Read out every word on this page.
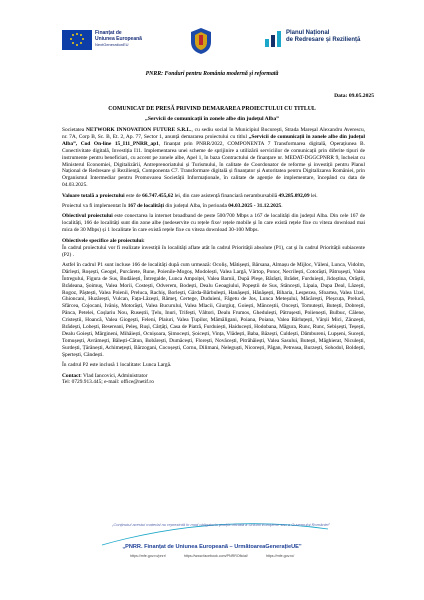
Finanțat de
Uniunea Europeană
NextGenerationEU
Planul Național
de Redresare și Reziliență
PNRR: Fonduri pentru România modernă și reformată
Data: 09.05.2025
COMUNICAT DE PRESĂ PRIVIND DEMARAREA PROIECTULUI CU TITLUL
„Servicii de comunicații în zonele albe din județul Alba”

Societatea NETWORK INNOVATION FUTURE S.R.L., cu sediu social în Municipiul București, Strada Mareșal Alexandru Averescu, nr. 7A, Corp B, Sc. B, Et. 2, Ap. 77, Sector 1, anunță demararea proiectului cu titlul „Servicii de comunicații în zonele albe din județul Alba”, Cod On-line 15_I11_PNRR_ap1, finanțat prin PNRR/2022, COMPONENTA 7 Transformarea digitală, Operațiunea B. Conectivitate digitală, Investiția I11. Implementarea unei scheme de sprijinire a utilizării serviciilor de comunicații prin diferite tipuri de instrumente pentru beneficiari, cu accent pe zonele albe, Apel 1, în baza Contractului de finanțare nr. MEDAT-DGGCPNRR 9, încheiat cu Ministerul Economiei, Digitalizării, Antreprenoriatului și Turismului, în calitate de Coordonator de reforme și investiții pentru Planul Național de Redresare și Reziliență, Componenta C7. Transformare digitală și finanțator și Autoritatea pentru Digitalizarea României, prin Organismul Intermediar pentru Promovarea Societății Informaționale, în calitate de agenție de implementare, începând cu data de 04.03.2025.

Valoare totală a proiectului este de 66.747.455,62 lei, din care asistență financiară nerambursabilă 49.285.092,09 lei.

Proiectul va fi implementat în 167 de localități din județul Alba, în perioada 04.03.2025 - 31.12.2025.

Obiectivul proiectului este conectarea la internet broadband de peste 500/700 Mbps a 167 de localități din județul Alba. Din cele 167 de localități, 166 de localități sunt din zone albe (nedeservite cu rețele fixe/ rețele mobile și în care există rețele fixe cu viteza download mai mica de 30 Mbps) și 1 localitate în care există rețele fixe cu viteza download 30-100 Mbps.

Obiectivele specifice ale proiectului:

În cadrul proiectului vor fi realizate investiții în localități aflate atât în cadrul Priorității absolute (P1), cat și în cadrul Priorității subiacente (P2) .

Astfel în cadrul P1 sunt incluse 166 de localități după cum urmează: Ocoliș, Mătișești, Bârsana, Almașu de Mijloc, Văleni, Lunca, Vidolm, Dârlești, Roșești, Geogel, Purcărete, Rune, Poienile-Mogoș, Modolești, Valea Largă, Vârtop, Ponor, Necrilești, Cotorăști, Pătrușești, Valea Întregului, Figura de Sus, Budăiești, Întregalde, Lunca Ampoiței, Valea Barnii, După Pleșe, Bărăști, Brădet, Furduiești, Jidoștina, Orăștii, Brădeana, Șoimuș, Valea Morii, Costești, Odverem, Bodești, Dealu Geoagiului, Popeștii de Sus, Stâncești, Lipaia, Dupa Deal, Lăzești, Rogoz, Păștești, Valea Poienii, Preluca, Rachiș, Borlești, Gârda-Bărbulești, Hanășești, Hănășești, Biharia, Lespezea, Sfoartea, Valea Uzei, Ghioncani, Huzărești, Vulcan, Fața-Lăzești, Râmeț, Certege, Duduieni, Fâgetu de Jos, Lunca Meteșului, Măcărești, Pleșcuța, Prelucă, Sfârcea, Cojocani, Ivăniș, Motorăști, Valea Bucurului, Valea Mlacii, Giurgiuț, Goiești, Mănceștii, Oncești, Tomutești, Butești, Dobrești, Pânca, Petelei, Coșlariu Nou, Ruseștii, Țelu, Inuri, Trifești, Vâltori, Dealu Frumos, Ghedulești, Pătrușesti, Poiienești, Bulbuc, Călene, Cristeștii, Hoancă, Valea Giogești, Feleni, Plaiuri, Valea Țupilor, Mămăligani, Poiana, Poiana, Valea Bârluțești, Vârșii Mici, Zânzești, Brădești, Lobești, Besereani, Peleș, Ruși, Cârțăți, Casa de Piatră, Furduiești, Haiducești, Hodobana, Măgura, Runc, Runc, Sebișești, Teșești, Dealu Goiești, Mârgineni, Mihăiești, Ocnișoara, Șimocești, Șoicești, Vința, Vlădești, Baba, Băzești, Culdești, Dâmbureni, Lupșeni, Sucești, Tomușești, Avrămești, Bălești-Cătun, Bobărești, Dumăcești, Florești, Novăcești, Pitrăhăiești, Valea Sasului, Butești, Măghierat, Niculești, Surdești, Țărănești, Achimețești, Bărzogani, Cocoșești, Cornu, Dilimani, Neleguști, Nicorești, Păgan, Petreasa, Burzești, Sohodol, Boldești, Șpertești, Căndești.

În cadrul P2 este inclusă 1 localitate: Lunca Largă.

Contact: Vlad Iancovici, Administrator
Tel: 0729.913.445; e-mail: office@netif.ro

„Conținutul acestui material nu reprezintă în mod obligatoriu poziția oficială a Uniunii Europene sau a Guvernului României”
„PNRR. Finanțat de Uniunea Europeană – UrmătoareaGenerațieUE”
https://mfe.gov.ro/pnrr/	https://www.facebook.com/PNRROficial/	https://mfe.gov.ro/
